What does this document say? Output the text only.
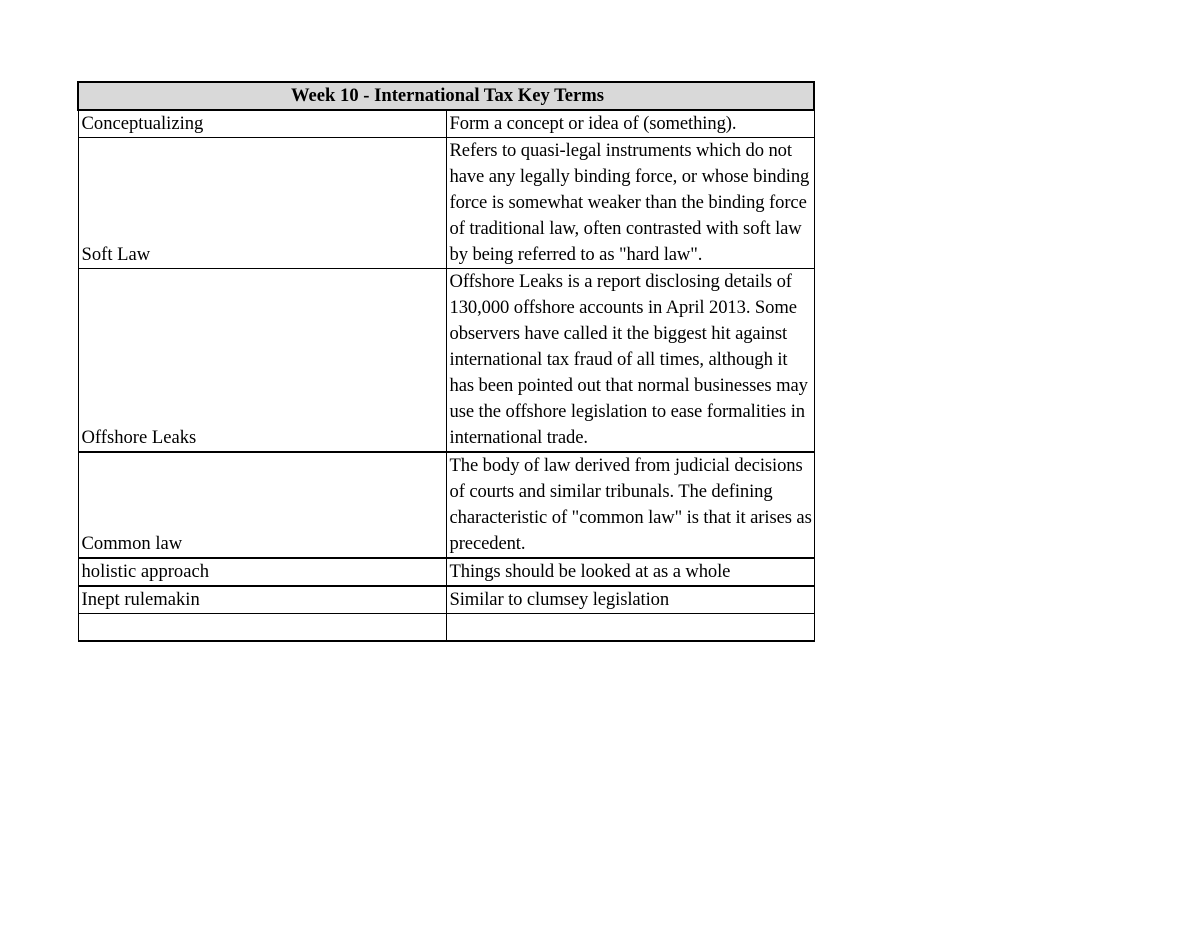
Week 10 - International Tax Key Terms	
Conceptualizing	Form a concept or idea of (something).
Soft Law	Refers to quasi-legal instruments which do not have any legally binding force, or whose binding force is somewhat weaker than the binding force of traditional law, often contrasted with soft law by being referred to as "hard law".
Offshore Leaks	Offshore Leaks is a report disclosing details of 130,000 offshore accounts in April 2013. Some observers have called it the biggest hit against international tax fraud of all times, although it has been pointed out that normal businesses may use the offshore legislation to ease formalities in international trade.
Common law	The body of law derived from judicial decisions of courts and similar tribunals. The defining characteristic of "common law" is that it arises as precedent.
holistic approach	Things should be looked at as a whole
Inept rulemakin	Similar to clumsey legislation
